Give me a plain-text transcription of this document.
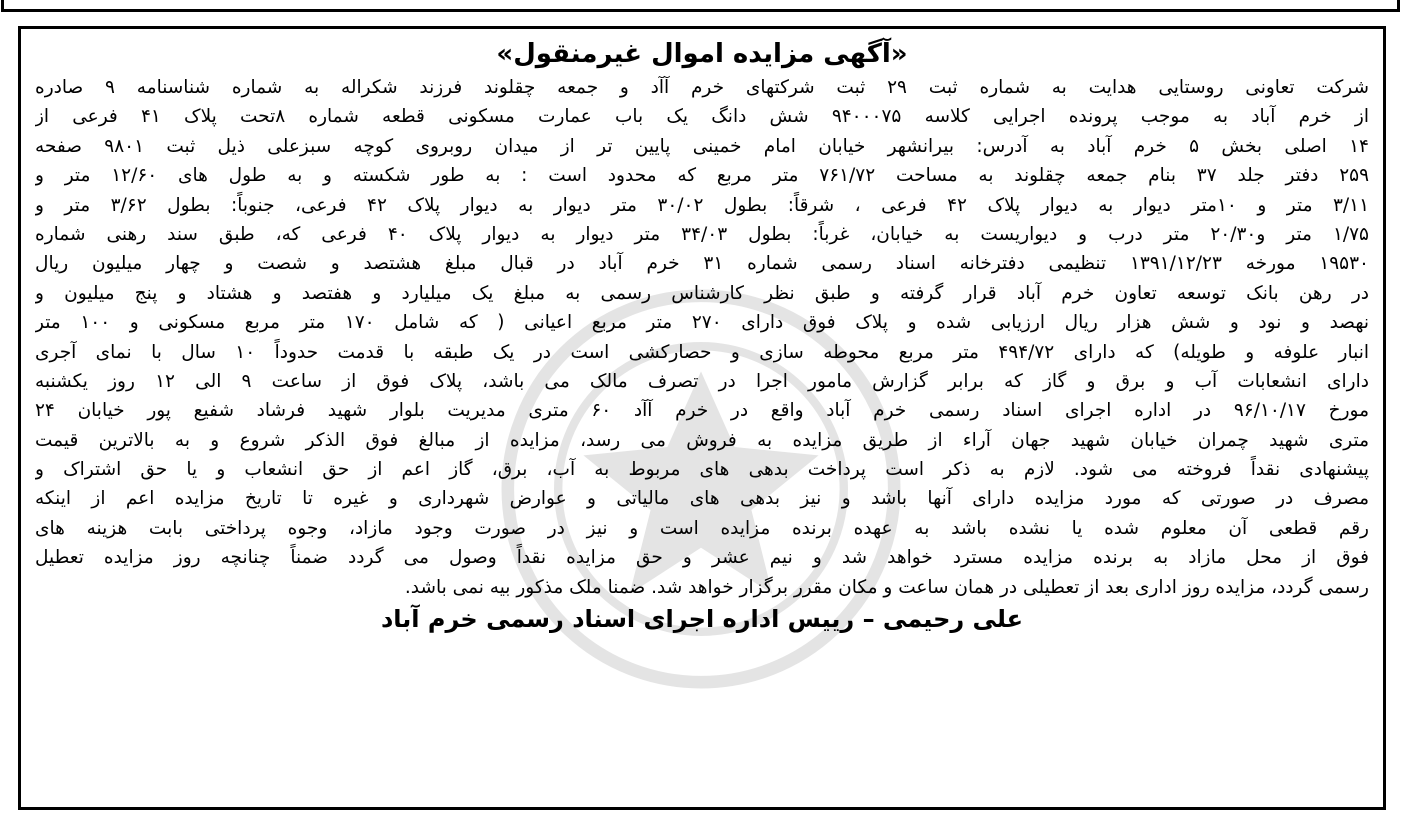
«آگهی مزایده اموال غیرمنقول»
شرکت تعاونی روستایی هدایت به شماره ثبت ۲۹ ثبت شرکتهای خرم آآد و جمعه چقلوند فرزند شکراله به شماره شناسنامه ۹ صادره
از خرم آباد به موجب پرونده اجرایی کلاسه ۹۴۰۰۰۷۵ شش دانگ یک باب عمارت مسکونی قطعه شماره ۸تحت پلاک ۴۱ فرعی از
۱۴ اصلی بخش ۵ خرم آباد به آدرس: بیرانشهر خیابان امام خمینی پایین تر از میدان روبروی کوچه سبزعلی ذیل ثبت ۹۸۰۱ صفحه
۲۵۹ دفتر جلد ۳۷ بنام جمعه چقلوند به مساحت ۷۶۱/۷۲ متر مربع که محدود است : به طور شکسته و به طول های ۱۲/۶۰ متر و
۳/۱۱ متر و ۱۰متر دیوار به دیوار پلاک ۴۲ فرعی ، شرقاً: بطول ۳۰/۰۲ متر دیوار به دیوار پلاک ۴۲ فرعی، جنوباً: بطول ۳/۶۲ متر و
۱/۷۵ متر و۲۰/۳۰ متر درب و دیواریست به خیابان، غرباً: بطول ۳۴/۰۳ متر دیوار به دیوار پلاک ۴۰ فرعی که، طبق سند رهنی شماره
۱۹۵۳۰ مورخه ۱۳۹۱/۱۲/۲۳ تنظیمی دفترخانه اسناد رسمی شماره ۳۱ خرم آباد در قبال مبلغ هشتصد و شصت و چهار میلیون ریال
در رهن بانک توسعه تعاون خرم آباد قرار گرفته و طبق نظر کارشناس رسمی به مبلغ یک میلیارد و هفتصد و هشتاد و پنج میلیون و
نهصد و نود و شش هزار ریال ارزیابی شده و پلاک فوق دارای ۲۷۰ متر مربع اعیانی ( که شامل ۱۷۰ متر مربع مسکونی و ۱۰۰ متر
انبار علوفه و طویله) که دارای ۴۹۴/۷۲ متر مربع محوطه سازی و حصارکشی است در یک طبقه با قدمت حدوداً ۱۰ سال با نمای آجری
دارای انشعابات آب و برق و گاز که برابر گزارش مامور اجرا در تصرف مالک می باشد، پلاک فوق از ساعت ۹ الی ۱۲ روز یکشنبه
مورخ ۹۶/۱۰/۱۷ در اداره اجرای اسناد رسمی خرم آباد واقع در خرم آآد ۶۰ متری مدیریت بلوار شهید فرشاد شفیع پور خیابان ۲۴
متری شهید چمران خیابان شهید جهان آراء از طریق مزایده به فروش می رسد، مزایده از مبالغ فوق الذکر شروع و به بالاترین قیمت
پیشنهادی نقداً فروخته می شود. لازم به ذکر است پرداخت بدهی های مربوط به آب، برق، گاز اعم از حق انشعاب و یا حق اشتراک و
مصرف در صورتی که مورد مزایده دارای آنها باشد و نیز بدهی های مالیاتی و عوارض شهرداری و غیره تا تاریخ مزایده اعم از اینکه
رقم قطعی آن معلوم شده یا نشده باشد به عهده برنده مزایده است و نیز در صورت وجود مازاد، وجوه پرداختی بابت هزینه های
فوق از محل مازاد به برنده مزایده مسترد خواهد شد و نیم عشر و حق مزایده نقداً وصول می گردد ضمناً چنانچه روز مزایده تعطیل
رسمی گردد، مزایده روز اداری بعد از تعطیلی در همان ساعت و مکان مقرر برگزار خواهد شد. ضمنا ملک مذکور بیه نمی باشد.
علی رحیمی – رییس اداره اجرای اسناد رسمی خرم آباد
